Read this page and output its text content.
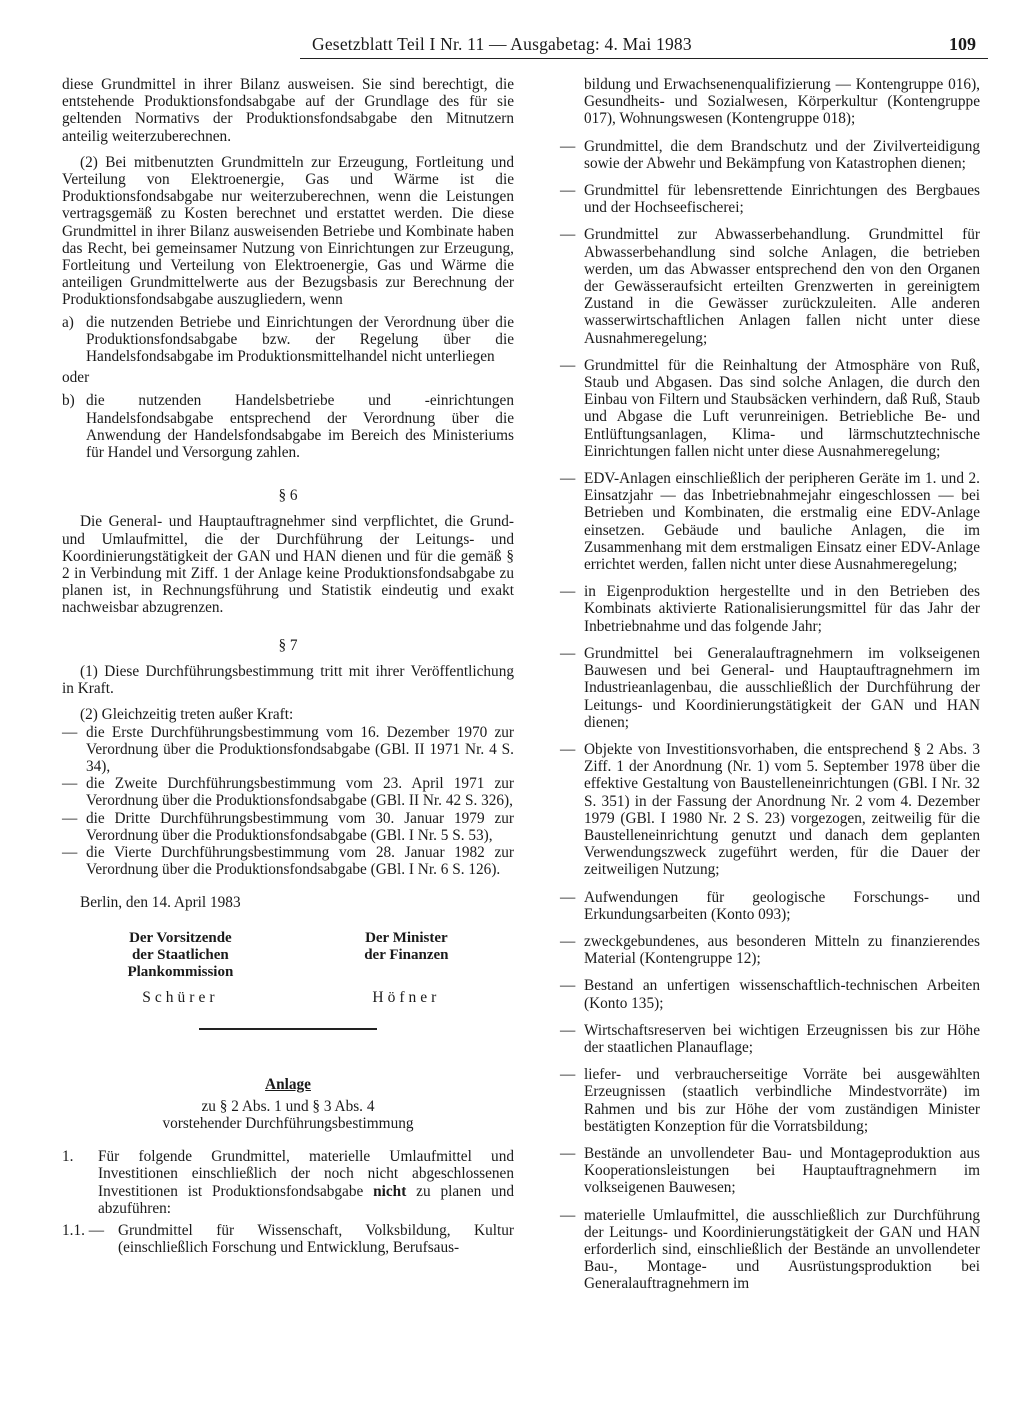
Gesetzblatt Teil I Nr. 11 — Ausgabetag: 4. Mai 1983	109

diese Grundmittel in ihrer Bilanz ausweisen. Sie sind berechtigt, die entstehende Produktionsfondsabgabe auf der Grundlage des für sie geltenden Normativs der Produktionsfondsabgabe den Mitnutzern anteilig weiterzuberechnen.

(2) Bei mitbenutzten Grundmitteln zur Erzeugung, Fortleitung und Verteilung von Elektroenergie, Gas und Wärme ist die Produktionsfondsabgabe nur weiterzuberechnen, wenn die Leistungen vertragsgemäß zu Kosten berechnet und erstattet werden. Die diese Grundmittel in ihrer Bilanz ausweisenden Betriebe und Kombinate haben das Recht, bei gemeinsamer Nutzung von Einrichtungen zur Erzeugung, Fortleitung und Verteilung von Elektroenergie, Gas und Wärme die anteiligen Grundmittelwerte aus der Bezugsbasis zur Berechnung der Produktionsfondsabgabe auszugliedern, wenn

a) die nutzenden Betriebe und Einrichtungen der Verordnung über die Produktionsfondsabgabe bzw. der Regelung über die Handelsfondsabgabe im Produktionsmittelhandel nicht unterliegen

oder

b) die nutzenden Handelsbetriebe und -einrichtungen Handelsfondsabgabe entsprechend der Verordnung über die Anwendung der Handelsfondsabgabe im Bereich des Ministeriums für Handel und Versorgung zahlen.

§ 6

Die General- und Hauptauftragnehmer sind verpflichtet, die Grund- und Umlaufmittel, die der Durchführung der Leitungs- und Koordinierungstätigkeit der GAN und HAN dienen und für die gemäß § 2 in Verbindung mit Ziff. 1 der Anlage keine Produktionsfondsabgabe zu planen ist, in Rechnungsführung und Statistik eindeutig und exakt nachweisbar abzugrenzen.

§ 7

(1) Diese Durchführungsbestimmung tritt mit ihrer Veröffentlichung in Kraft.

(2) Gleichzeitig treten außer Kraft:

— die Erste Durchführungsbestimmung vom 16. Dezember 1970 zur Verordnung über die Produktionsfondsabgabe (GBl. II 1971 Nr. 4 S. 34),
— die Zweite Durchführungsbestimmung vom 23. April 1971 zur Verordnung über die Produktionsfondsabgabe (GBl. II Nr. 42 S. 326),
— die Dritte Durchführungsbestimmung vom 30. Januar 1979 zur Verordnung über die Produktionsfondsabgabe (GBl. I Nr. 5 S. 53),
— die Vierte Durchführungsbestimmung vom 28. Januar 1982 zur Verordnung über die Produktionsfondsabgabe (GBl. I Nr. 6 S. 126).

Berlin, den 14. April 1983

Der Vorsitzende
der Staatlichen
Plankommission
Schürer
Der Minister
der Finanzen
Höfner

Anlage

zu § 2 Abs. 1 und § 3 Abs. 4

vorstehender Durchführungsbestimmung

1. Für folgende Grundmittel, materielle Umlaufmittel und Investitionen einschließlich der noch nicht abgeschlossenen Investitionen ist Produktionsfondsabgabe nicht zu planen und abzuführen:
1.1. — Grundmittel für Wissenschaft, Volksbildung, Kultur (einschließlich Forschung und Entwicklung, Berufsaus-
bildung und Erwachsenenqualifizierung — Kontengruppe 016), Gesundheits- und Sozialwesen, Körperkultur (Kontengruppe 017), Wohnungswesen (Kontengruppe 018);
— Grundmittel, die dem Brandschutz und der Zivilverteidigung sowie der Abwehr und Bekämpfung von Katastrophen dienen;
— Grundmittel für lebensrettende Einrichtungen des Bergbaues und der Hochseefischerei;
— Grundmittel zur Abwasserbehandlung. Grundmittel für Abwasserbehandlung sind solche Anlagen, die betrieben werden, um das Abwasser entsprechend den von den Organen der Gewässeraufsicht erteilten Grenzwerten in gereinigtem Zustand in die Gewässer zurückzuleiten. Alle anderen wasserwirtschaftlichen Anlagen fallen nicht unter diese Ausnahmeregelung;
— Grundmittel für die Reinhaltung der Atmosphäre von Ruß, Staub und Abgasen. Das sind solche Anlagen, die durch den Einbau von Filtern und Staubsäcken verhindern, daß Ruß, Staub und Abgase die Luft verunreinigen. Betriebliche Be- und Entlüftungsanlagen, Klima- und lärmschutztechnische Einrichtungen fallen nicht unter diese Ausnahmeregelung;
— EDV-Anlagen einschließlich der peripheren Geräte im 1. und 2. Einsatzjahr — das Inbetriebnahmejahr eingeschlossen — bei Betrieben und Kombinaten, die erstmalig eine EDV-Anlage einsetzen. Gebäude und bauliche Anlagen, die im Zusammenhang mit dem erstmaligen Einsatz einer EDV-Anlage errichtet werden, fallen nicht unter diese Ausnahmeregelung;
— in Eigenproduktion hergestellte und in den Betrieben des Kombinats aktivierte Rationalisierungsmittel für das Jahr der Inbetriebnahme und das folgende Jahr;
— Grundmittel bei Generalauftragnehmern im volkseigenen Bauwesen und bei General- und Hauptauftragnehmern im Industrieanlagenbau, die ausschließlich der Durchführung der Leitungs- und Koordinierungstätigkeit der GAN und HAN dienen;
— Objekte von Investitionsvorhaben, die entsprechend § 2 Abs. 3 Ziff. 1 der Anordnung (Nr. 1) vom 5. September 1978 über die effektive Gestaltung von Baustelleneinrichtungen (GBl. I Nr. 32 S. 351) in der Fassung der Anordnung Nr. 2 vom 4. Dezember 1979 (GBl. I 1980 Nr. 2 S. 23) vorgezogen, zeitweilig für die Baustelleneinrichtung genutzt und danach dem geplanten Verwendungszweck zugeführt werden, für die Dauer der zeitweiligen Nutzung;
— Aufwendungen für geologische Forschungs- und Erkundungsarbeiten (Konto 093);
— zweckgebundenes, aus besonderen Mitteln zu finanzierendes Material (Kontengruppe 12);
— Bestand an unfertigen wissenschaftlich-technischen Arbeiten (Konto 135);
— Wirtschaftsreserven bei wichtigen Erzeugnissen bis zur Höhe der staatlichen Planauflage;
— liefer- und verbraucherseitige Vorräte bei ausgewählten Erzeugnissen (staatlich verbindliche Mindestvorräte) im Rahmen und bis zur Höhe der vom zuständigen Minister bestätigten Konzeption für die Vorratsbildung;
— Bestände an unvollendeter Bau- und Montageproduktion aus Kooperationsleistungen bei Hauptauftragnehmern im volkseigenen Bauwesen;
— materielle Umlaufmittel, die ausschließlich zur Durchführung der Leitungs- und Koordinierungstätigkeit der GAN und HAN erforderlich sind, einschließlich der Bestände an unvollendeter Bau-, Montage- und Ausrüstungsproduktion bei Generalauftragnehmern im
